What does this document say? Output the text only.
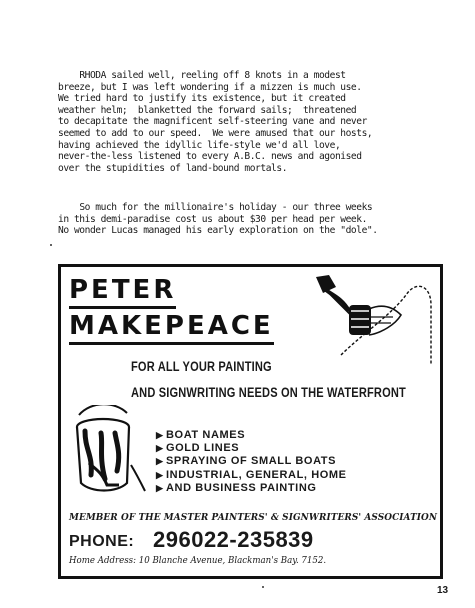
RHODA sailed well, reeling off 8 knots in a modest
breeze, but I was left wondering if a mizzen is much use.
We tried hard to justify its existence, but it created
weather helm;  blanketted the forward sails;  threatened
to decapitate the magnificent self-steering vane and never
seemed to add to our speed.  We were amused that our hosts,
having achieved the idyllic life-style we'd all love,
never-the-less listened to every A.B.C. news and agonised
over the stupidities of land-bound mortals.
So much for the millionaire's holiday - our three weeks
in this demi-paradise cost us about $30 per head per week.
No wonder Lucas managed his early exploration on the "dole".
PETER
MAKEPEACE
FOR ALL YOUR PAINTING
AND SIGNWRITING NEEDS ON THE WATERFRONT
▶ BOAT NAMES
▶ GOLD LINES
▶ SPRAYING OF SMALL BOATS
▶ INDUSTRIAL, GENERAL, HOME
▶ AND BUSINESS PAINTING
MEMBER OF THE MASTER PAINTERS' & SIGNWRITERS' ASSOCIATION
PHONE: 296022-235839
Home Address: 10 Blanche Avenue, Blackman's Bay. 7152.
13
